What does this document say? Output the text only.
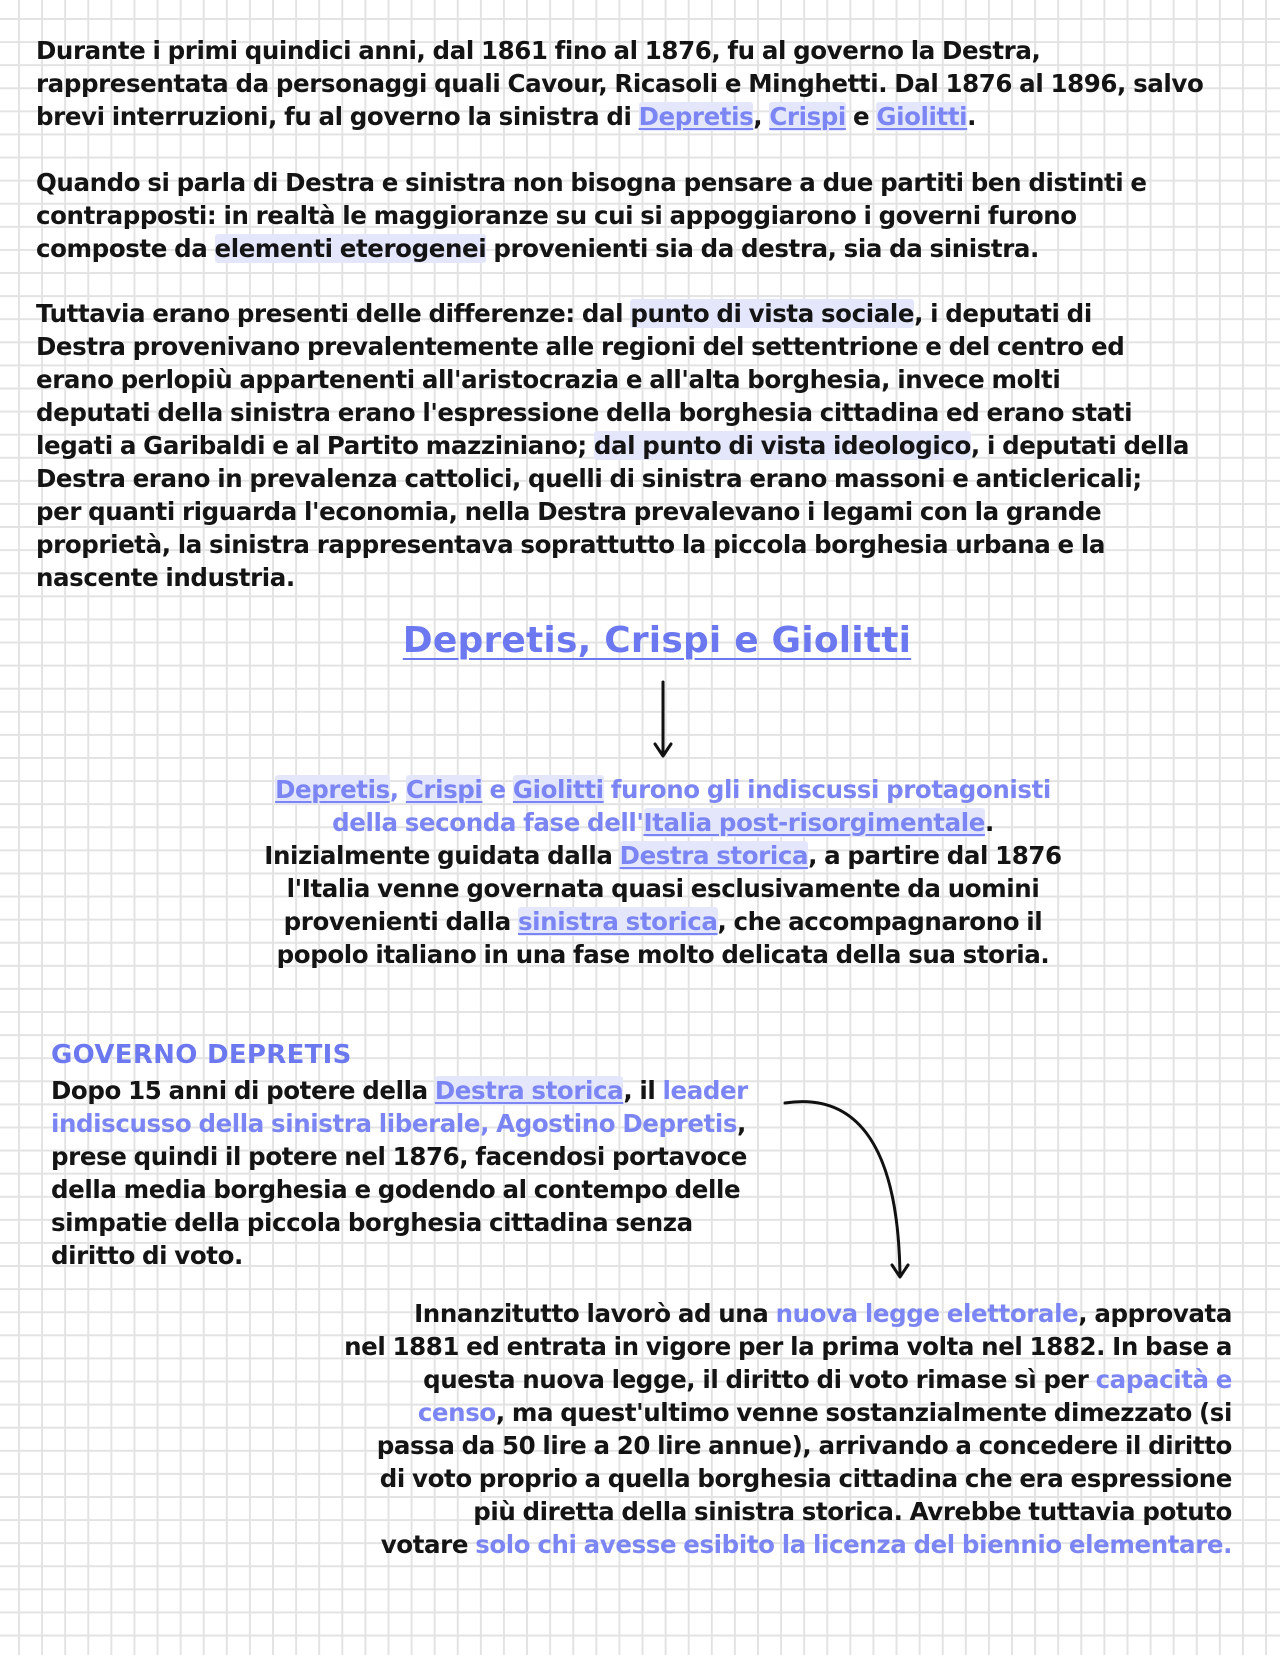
Durante i primi quindici anni, dal 1861 fino al 1876, fu al governo la Destra,
rappresentata da personaggi quali Cavour, Ricasoli e Minghetti. Dal 1876 al 1896, salvo
brevi interruzioni, fu al governo la sinistra di Depretis, Crispi e Giolitti.

Quando si parla di Destra e sinistra non bisogna pensare a due partiti ben distinti e
contrapposti: in realtà le maggioranze su cui si appoggiarono i governi furono
composte da elementi eterogenei provenienti sia da destra, sia da sinistra.

Tuttavia erano presenti delle differenze: dal punto di vista sociale, i deputati di
Destra provenivano prevalentemente alle regioni del settentrione e del centro ed
erano perlopiù appartenenti all'aristocrazia e all'alta borghesia, invece molti
deputati della sinistra erano l'espressione della borghesia cittadina ed erano stati
legati a Garibaldi e al Partito mazziniano; dal punto di vista ideologico, i deputati della
Destra erano in prevalenza cattolici, quelli di sinistra erano massoni e anticlericali;
per quanti riguarda l'economia, nella Destra prevalevano i legami con la grande
proprietà, la sinistra rappresentava soprattutto la piccola borghesia urbana e la
nascente industria.

Depretis, Crispi e Giolitti

Depretis, Crispi e Giolitti furono gli indiscussi protagonisti
della seconda fase dell'Italia post-risorgimentale.
Inizialmente guidata dalla Destra storica, a partire dal 1876
l'Italia venne governata quasi esclusivamente da uomini
provenienti dalla sinistra storica, che accompagnarono il
popolo italiano in una fase molto delicata della sua storia.

GOVERNO DEPRETIS

Dopo 15 anni di potere della Destra storica, il leader
indiscusso della sinistra liberale, Agostino Depretis,
prese quindi il potere nel 1876, facendosi portavoce
della media borghesia e godendo al contempo delle
simpatie della piccola borghesia cittadina senza
diritto di voto.

Innanzitutto lavorò ad una nuova legge elettorale, approvata
nel 1881 ed entrata in vigore per la prima volta nel 1882. In base a
questa nuova legge, il diritto di voto rimase sì per capacità e
censo, ma quest'ultimo venne sostanzialmente dimezzato (si
passa da 50 lire a 20 lire annue), arrivando a concedere il diritto
di voto proprio a quella borghesia cittadina che era espressione
più diretta della sinistra storica. Avrebbe tuttavia potuto
votare solo chi avesse esibito la licenza del biennio elementare.
